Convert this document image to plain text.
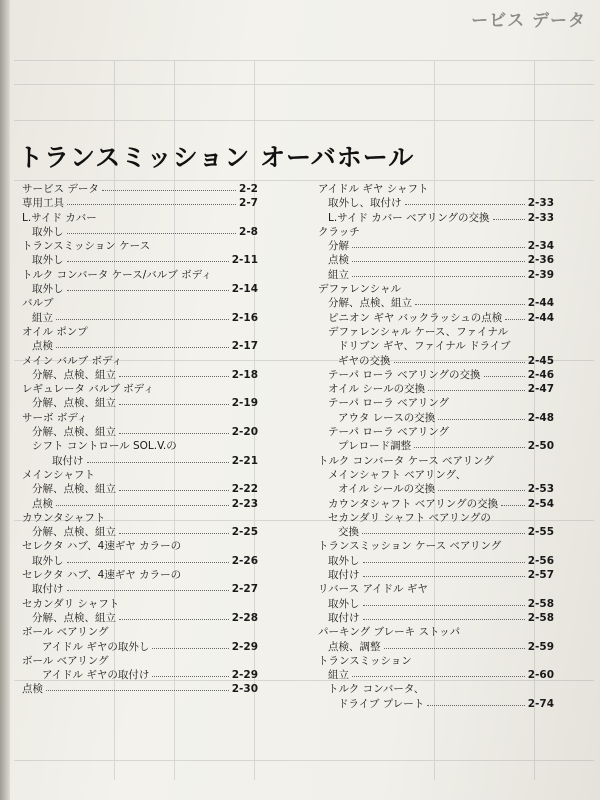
ービス データ
トランスミッション オーバホール
サービス データ	2-2
専用工具	2-7
L.サイド カバー
取外し	2-8
トランスミッション ケース
取外し	2-11
トルク コンバータ ケース/バルブ ボディ
取外し	2-14
バルブ
組立	2-16
オイル ポンプ
点検	2-17
メイン バルブ ボディ
分解、点検、組立	2-18
レギュレータ バルブ ボディ
分解、点検、組立	2-19
サーボ ボディ
分解、点検、組立	2-20
シフト コントロール SOL.V.の
取付け	2-21
メインシャフト
分解、点検、組立	2-22
点検	2-23
カウンタシャフト
分解、点検、組立	2-25
セレクタ ハブ、4速ギヤ カラーの
取外し	2-26
セレクタ ハブ、4速ギヤ カラーの
取付け	2-27
セカンダリ シャフト
分解、点検、組立	2-28
ボール ベアリング
アイドル ギヤの取外し	2-29
ボール ベアリング
アイドル ギヤの取付け	2-29
点検	2-30
アイドル ギヤ シャフト
取外し、取付け	2-33
L.サイド カバー ベアリングの交換	2-33
クラッチ
分解	2-34
点検	2-36
組立	2-39
デファレンシャル
分解、点検、組立	2-44
ピニオン ギヤ バックラッシュの点検 2-44
デファレンシャル ケース、ファイナル
ドリブン ギヤ、ファイナル ドライブ
ギヤの交換	2-45
テーパ ローラ ベアリングの交換	2-46
オイル シールの交換	2-47
テーパ ローラ ベアリング
アウタ レースの交換	2-48
テーパ ローラ ベアリング
プレロード調整	2-50
トルク コンバータ ケース ベアリング
メインシャフト ベアリング、
オイル シールの交換	2-53
カウンタシャフト ベアリングの交換	2-54
セカンダリ シャフト ベアリングの
交換	2-55
トランスミッション ケース ベアリング
取外し	2-56
取付け	2-57
リバース アイドル ギヤ
取外し	2-58
取付け	2-58
パーキング ブレーキ ストッパ
点検、調整	2-59
トランスミッション
組立	2-60
トルク コンバータ、
ドライブ プレート	2-74
